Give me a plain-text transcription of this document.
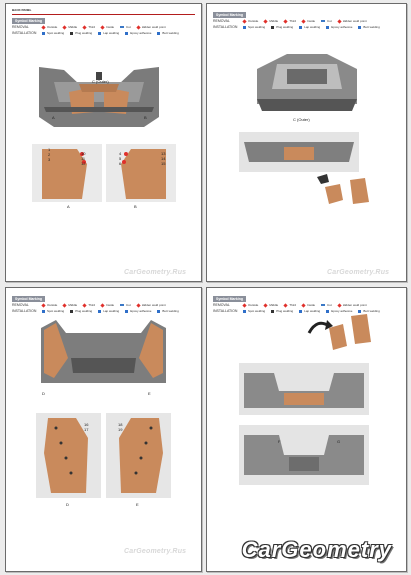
BACK PANEL
Symbol Marking
REMOVAL	Outside	Middle	Third	Inside	Cut	Hidden weld point
INSTALLATION	Spot welding	Plug welding	Lap welding	Epoxy adhesive	Butt welding
C (Outer)
A	B
1
2
3
10
11
12
A
4
5
6
13
14
15
B
CarGeometry.Rus
Symbol Marking
REMOVAL	Outside	Middle	Third	Inside	Cut	Hidden weld point
INSTALLATION	Spot welding	Plug welding	Lap welding	Epoxy adhesive	Butt welding
C (Outer)
CarGeometry.Rus
Symbol Marking
REMOVAL	Outside	Middle	Third	Inside	Cut	Hidden weld point
INSTALLATION	Spot welding	Plug welding	Lap welding	Epoxy adhesive	Butt welding
D	E
16
17
D
18
19
E
CarGeometry.Rus
Symbol Marking
REMOVAL	Outside	Middle	Third	Inside	Cut	Hidden weld point
INSTALLATION	Spot welding	Plug welding	Lap welding	Epoxy adhesive	Butt welding
F	G
CarGeometry
